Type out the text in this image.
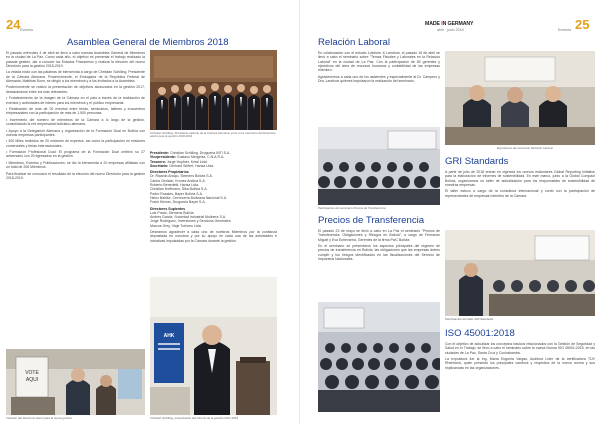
24 Eventos
Asamblea General de Miembros 2018

El pasado miércoles 4 de abril se llevó a cabo nuestra Asamblea General de Miembros en la ciudad de La Paz. Como cada año, el objetivo es presentar el trabajo realizado la pasada gestión, dar a conocer los Estados Financieros y realizar la elección del nuevo Directorio para la gestión 2018-2019.

La velada inició con las palabras de bienvenida a cargo de Christian Schilling, Presidente de la Cámara Alemana. Posteriormente, el Embajador de la República Federal de Alemania, Matthias Sonn, se dirigió a los miembros y a los invitados a la Asamblea.

Posteriormente se realizó la presentación de objetivos alcanzados en la gestión 2017, destacándose entre los más relevantes:

• Fortalecimiento de la imagen de la Cámara en el país a través de la realización de eventos y actividades de interés para los miembros y el público empresarial.

• Realización de más de 20 eventos entre ferias, seminarios, talleres y encuentros empresariales con la participación de más de 1.500 personas.

• Incremento del número de miembros de la Cámara a lo largo de la gestión, consolidando la red empresarial boliviano-alemana.

• Apoyo a la Delegación Alemana y organización de la Formación Dual en Bolivia con nuevas empresas participantes.

• 300 Miles recibidos de 20 misiones de expertos, así como la participación en misiones comerciales y ferias internacionales.

• Formación Profesional Dual: El programa de la Formación Dual celebró su 27 aniversario con 20 egresados en la gestión.

• Miembros, Eventos y Publicaciones: se dio la bienvenida a 20 empresas afiliadas con un total de 206 Miembros.

Para finalizar se comunicó el resultado de la elección del nuevo Directorio para la gestión 2018-2019.

Christian Schilling, Presidente saliente de la Cámara Alemana, junto a los miembros del Directorio electo para la gestión 2018-2019

Presidente: Christian Schilling, Drogueria INTI S.A.

Vicepresidente: Gustavo Mergelsz, C.N.A.R.A.

Tesorero: Jorge Hopfner, Ketal Ltda.

Secretario: Gerhard Seifert, Hansa Ltda.

Directores Propietarios

Dr. Ricardo Araujo, Siemens Bolivia S.A.

Carlos Gerlach, Krones Andina S.A.

Roberto Benedetti, Hansa Ltda.

Christian Hoffmann, Sika Bolivia S.A.

Pedro Rosales, Bayer Bolivia S.A.

Heinz Bahlke, Cervecería Boliviana Nacional S.A.

Frank Kleiner, Drogueria Bayer S.A.

Directores Suplentes

Luis Prado, Siemens Bolivia

Andrés Garcia, Sociedad Industrial Molinera S.A.

Jorge Rodríguez, Inversiones y Servicios Generales

Marcos Grey, Viaje Turismo Ltda.

Deseamos agradecer a cada uno de nuestros Miembros por la confianza depositada en nosotros y por su apoyo en cada una de las actividades e iniciativas impulsadas por la Cámara durante la gestión.

VOTE
AQUI
Votación del Directorio electo para la nueva gestión
AHK
Christian Schilling, presentación del informe de la gestión 2017-2018
MADE IN GERMANY
abril · junio 2018	Eventos 25
Relación Laboral

En colaboración con el estudio Lofchner & Landívar, el pasado 16 de abril se llevó a cabo el seminario sobre "Temas Fiscales y Laborales en la Relación Laboral" en la ciudad de La Paz. Con la participación de 80 gerentes y ejecutivos del área de recursos humanos y contabilidad de las empresas miembro.

Agradecemos a cada uno de los asistentes y especialmente al Dr. Campero y Dra. Landívar quienes impulsaron la realización del seminario.

Expositores del seminario Relación Laboral
Participantes del seminario Precios de Transferencia
Precios de Transferencia

El pasado 23 de mayo se llevó a cabo en La Paz el seminario "Precios de Transferencia: Obligaciones y Riesgos en Bolivia", a cargo de Fernando Miguel y Eva Echevarría, Gerentes de la firma PwC Bolivia.

En el seminario se presentaron los aspectos principales del régimen de precios de transferencia en Bolivia, las obligaciones que las empresas deben cumplir y los riesgos identificados en las fiscalizaciones del Servicio de Impuestos Nacionales.

GRI Standards

A partir de julio de 2018 entran en vigencia los nuevos estándares Global Reporting Initiative para la elaboración de informes de sostenibilidad. En este marco, junto a la Global Compact Bolivia, organizamos un taller de actualización para los responsables de sostenibilidad de nuestras empresas.

El taller estuvo a cargo de la consultora internacional y contó con la participación de representantes de empresas miembro de la Cámara.

Participantes del taller GRI Standards
ISO 45001:2018

Con el objetivo de actualizar los conceptos básicos relacionados con la Gestión de Seguridad y Salud en el Trabajo, se llevó a cabo el seminario sobre la nueva Norma ISO 45001:2018, en las ciudades de La Paz, Santa Cruz y Cochabamba.

La expositora fue la Ing. María Eugenia Vargas, Auditora Líder de la certificadora TÜV Rheinland, quien presentó los principales cambios y requisitos de la nueva norma y sus implicancias en las organizaciones.
